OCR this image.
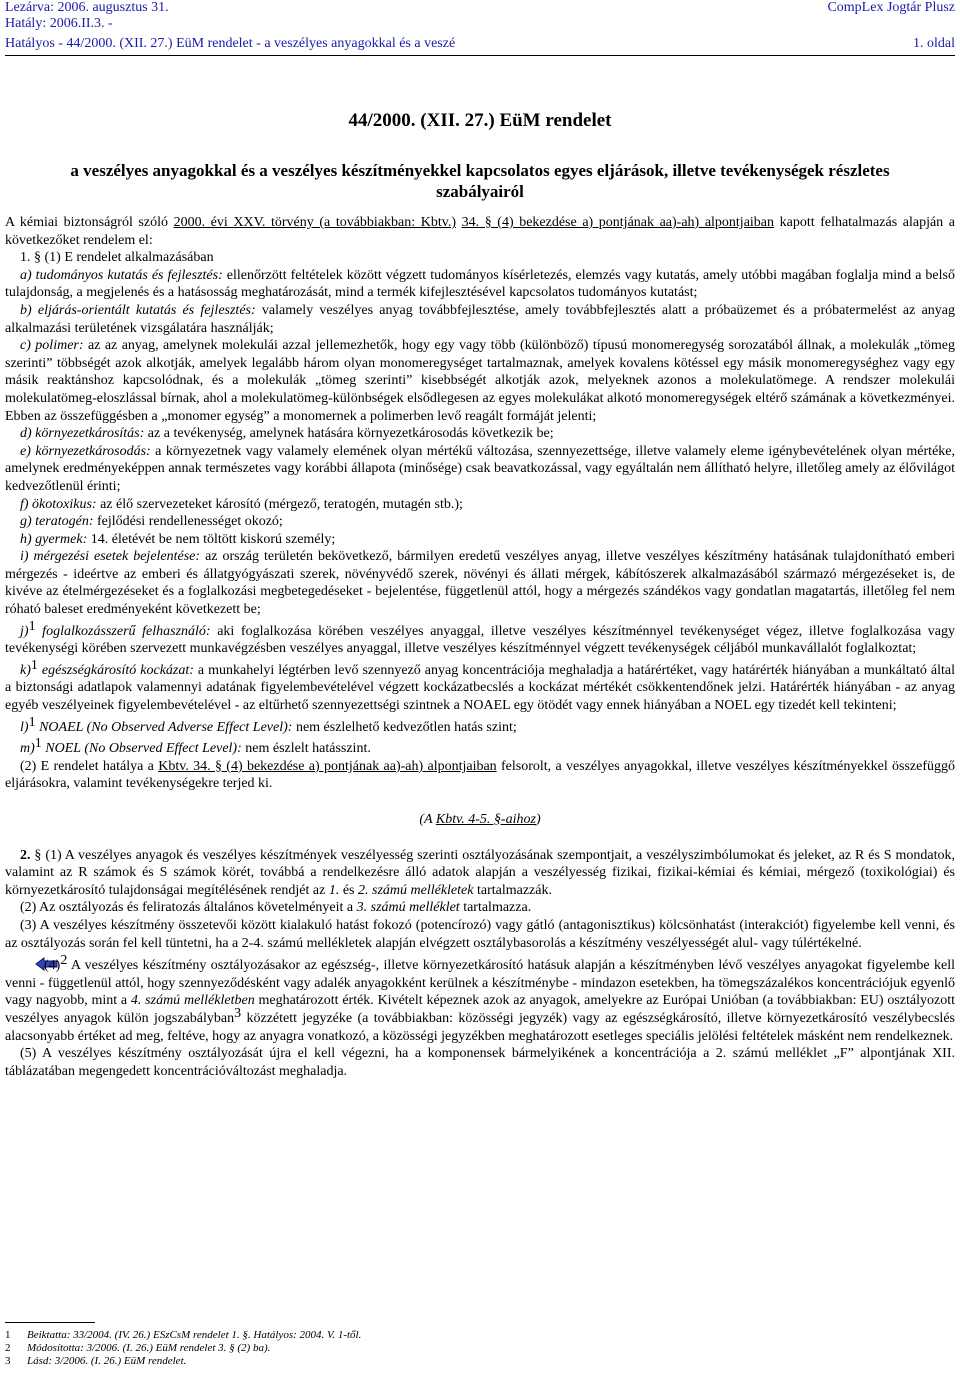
Lezárva: 2006. augusztus 31.
Hatály: 2006.II.3. -
Hatályos - 44/2000. (XII. 27.) EüM rendelet - a veszélyes anyagokkal és a veszé
CompLex Jogtár Plusz
1. oldal
44/2000. (XII. 27.) EüM rendelet
a veszélyes anyagokkal és a veszélyes készítményekkel kapcsolatos egyes eljárások, illetve tevékenységek részletes szabályairól

A kémiai biztonságról szóló 2000. évi XXV. törvény (a továbbiakban: Kbtv.) 34. § (4) bekezdése a) pontjának aa)-ah) alpontjaiban kapott felhatalmazás alapján a következőket rendelem el:

1. § (1) E rendelet alkalmazásában

a) tudományos kutatás és fejlesztés: ellenőrzött feltételek között végzett tudományos kísérletezés, elemzés vagy kutatás, amely utóbbi magában foglalja mind a belső tulajdonság, a megjelenés és a hatásosság meghatározását, mind a termék kifejlesztésével kapcsolatos tudományos kutatást;

b) eljárás-orientált kutatás és fejlesztés: valamely veszélyes anyag továbbfejlesztése, amely továbbfejlesztés alatt a próbaüzemet és a próbatermelést az anyag alkalmazási területének vizsgálatára használják;

c) polimer: az az anyag, amelynek molekulái azzal jellemezhetők, hogy egy vagy több (különböző) típusú monomeregység sorozatából állnak, a molekulák „tömeg szerinti” többségét azok alkotják, amelyek legalább három olyan monomeregységet tartalmaznak, amelyek kovalens kötéssel egy másik monomeregységhez vagy egy másik reaktánshoz kapcsolódnak, és a molekulák „tömeg szerinti” kisebbségét alkotják azok, melyeknek azonos a molekulatömege. A rendszer molekulái molekulatömeg-eloszlással bírnak, ahol a molekulatömeg-különbségek elsődlegesen az egyes molekulákat alkotó monomeregységek eltérő számának a következményei. Ebben az összefüggésben a „monomer egység” a monomernek a polimerben levő reagált formáját jelenti;

d) környezetkárosítás: az a tevékenység, amelynek hatására környezetkárosodás következik be;

e) környezetkárosodás: a környezetnek vagy valamely elemének olyan mértékű változása, szennyezettsége, illetve valamely eleme igénybevételének olyan mértéke, amelynek eredményeképpen annak természetes vagy korábbi állapota (minősége) csak beavatkozással, vagy egyáltalán nem állítható helyre, illetőleg amely az élővilágot kedvezőtlenül érinti;

f) ökotoxikus: az élő szervezeteket károsító (mérgező, teratogén, mutagén stb.);

g) teratogén: fejlődési rendellenességet okozó;

h) gyermek: 14. életévét be nem töltött kiskorú személy;

i) mérgezési esetek bejelentése: az ország területén bekövetkező, bármilyen eredetű veszélyes anyag, illetve veszélyes készítmény hatásának tulajdonítható emberi mérgezés - ideértve az emberi és állatgyógyászati szerek, növényvédő szerek, növényi és állati mérgek, kábítószerek alkalmazásából származó mérgezéseket is, de kivéve az ételmérgezéseket és a foglalkozási megbetegedéseket - bejelentése, függetlenül attól, hogy a mérgezés szándékos vagy gondatlan magatartás, illetőleg fel nem róható baleset eredményeként következett be;

j)$^1$ foglalkozásszerű felhasználó: aki foglalkozása körében veszélyes anyaggal, illetve veszélyes készítménnyel tevékenységet végez, illetve foglalkozása vagy tevékenységi körében szervezett munkavégzésben veszélyes anyaggal, illetve veszélyes készítménnyel végzett tevékenységek céljából munkavállalót foglalkoztat;

k)$^1$ egészségkárosító kockázat: a munkahelyi légtérben levő szennyező anyag koncentrációja meghaladja a határértéket, vagy határérték hiányában a munkáltató által a biztonsági adatlapok valamennyi adatának figyelembevételével végzett kockázatbecslés a kockázat mértékét csökkentendőnek jelzi. Határérték hiányában - az anyag egyéb veszélyeinek figyelembevételével - az eltűrhető szennyezettségi szintnek a NOAEL egy ötödét vagy ennek hiányában a NOEL egy tizedét kell tekinteni;

l)$^1$ NOAEL (No Observed Adverse Effect Level): nem észlelhető kedvezőtlen hatás szint;

m)$^1$ NOEL (No Observed Effect Level): nem észlelt hatásszint.

(2) E rendelet hatálya a Kbtv. 34. § (4) bekezdése a) pontjának aa)-ah) alpontjaiban felsorolt, a veszélyes anyagokkal, illetve veszélyes készítményekkel összefüggő eljárásokra, valamint tevékenységekre terjed ki.

(A Kbtv. 4-5. §-aihoz)

2. § (1) A veszélyes anyagok és veszélyes készítmények veszélyesség szerinti osztályozásának szempontjait, a veszélyszimbólumokat és jeleket, az R és S mondatok, valamint az R számok és S számok körét, továbbá a rendelkezésre álló adatok alapján a veszélyesség fizikai, fizikai-kémiai és kémiai, mérgező (toxikológiai) és környezetkárosító tulajdonságai megítélésének rendjét az 1. és 2. számú mellékletek tartalmazzák.

(2) Az osztályozás és feliratozás általános követelményeit a 3. számú melléklet tartalmazza.

(3) A veszélyes készítmény összetevői között kialakuló hatást fokozó (potencírozó) vagy gátló (antagonisztikus) kölcsönhatást (interakciót) figyelembe kell venni, és az osztályozás során fel kell tüntetni, ha a 2-4. számú mellékletek alapján elvégzett osztálybasorolás a készítmény veszélyességét alul- vagy túlértékelné.

$(4)^2$ A veszélyes készítmény osztályozásakor az egészség-, illetve környezetkárosító hatásuk alapján a készítményben lévő veszélyes anyagokat figyelembe kell venni - függetlenül attól, hogy szennyeződésként vagy adalék anyagokként kerülnek a készítménybe - mindazon esetekben, ha tömegszázalékos koncentrációjuk egyenlő vagy nagyobb, mint a 4. számú mellékletben meghatározott érték. Kivételt képeznek azok az anyagok, amelyekre az Európai Unióban (a továbbiakban: EU) osztályozott veszélyes anyagok külön jogszabályban$^3$ közzétett jegyzéke (a továbbiakban: közösségi jegyzék) vagy az egészségkárosító, illetve környezetkárosító veszélybecslés alacsonyabb értéket ad meg, feltéve, hogy az anyagra vonatkozó, a közösségi jegyzékben meghatározott esetleges speciális jelölési feltételek másként nem rendelkeznek.

(5) A veszélyes készítmény osztályozását újra el kell végezni, ha a komponensek bármelyikének a koncentrációja a 2. számú melléklet „F” alpontjának XII. táblázatában megengedett koncentrációváltozást meghaladja.

1 Beiktatta: 33/2004. (IV. 26.) ESzCsM rendelet 1. §. Hatályos: 2004. V. 1-től.
2 Módosította: 3/2006. (I. 26.) EüM rendelet 3. § (2) ba).
3 Lásd: 3/2006. (I. 26.) EüM rendelet.
